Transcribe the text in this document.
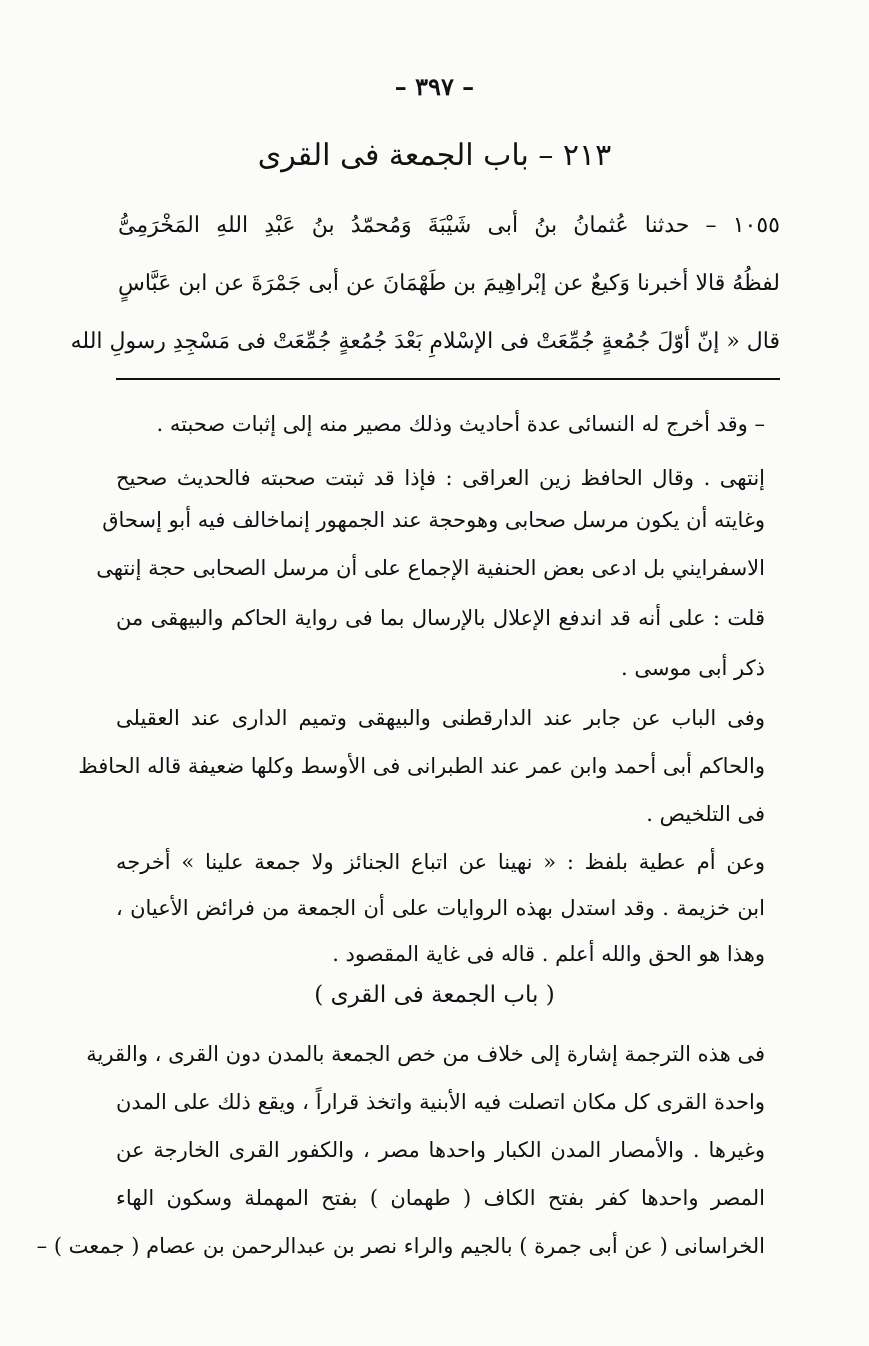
– ٣٩٧ –
٢١٣ – باب الجمعة فى القرى
١٠٥٥ – حدثنا عُثمانُ بنُ أبى شَيْبَةَ وَمُحمّدُ بنُ عَبْدِ اللهِ المَخْرَمِىُّ
لفظُهُ قالا أخبرنا وَكيعٌ عن إبْراهِيمَ بن طَهْمَانَ عن أبى جَمْرَةَ عن ابن عَبَّاسٍ
قال « إنّ أوّلَ جُمُعةٍ جُمِّعَتْ فى الإسْلامِ بَعْدَ جُمُعةٍ جُمِّعَتْ فى مَسْجِدِ رسولِ الله
– وقد أخرج له النسائى عدة أحاديث وذلك مصير منه إلى إثبات صحبته .
إنتهى . وقال الحافظ زين العراقى : فإذا قد ثبتت صحبته فالحديث صحيح
وغايته أن يكون مرسل صحابى وهوحجة عند الجمهور إنماخالف فيه أبو إسحاق
الاسفرايني بل ادعى بعض الحنفية الإجماع على أن مرسل الصحابى حجة إنتهى
قلت : على أنه قد اندفع الإعلال بالإرسال بما فى رواية الحاكم والبيهقى من
ذكر أبى موسى .
وفى الباب عن جابر عند الدارقطنى والبيهقى وتميم الدارى عند العقيلى
والحاكم أبى أحمد وابن عمر عند الطبرانى فى الأوسط وكلها ضعيفة قاله الحافظ
فى التلخيص .
وعن أم عطية بلفظ : « نهينا عن اتباع الجنائز ولا جمعة علينا » أخرجه
ابن خزيمة . وقد استدل بهذه الروايات على أن الجمعة من فرائض الأعيان ،
وهذا هو الحق والله أعلم . قاله فى غاية المقصود .
( باب الجمعة فى القرى )
فى هذه الترجمة إشارة إلى خلاف من خص الجمعة بالمدن دون القرى ، والقرية
واحدة القرى كل مكان اتصلت فيه الأبنية واتخذ قراراً ، ويقع ذلك على المدن
وغيرها . والأمصار المدن الكبار واحدها مصر ، والكفور القرى الخارجة عن
المصر واحدها كفر بفتح الكاف ( طهمان ) بفتح المهملة وسكون الهاء
الخراسانى ( عن أبى جمرة ) بالجيم والراء نصر بن عبدالرحمن بن عصام ( جمعت ) –
